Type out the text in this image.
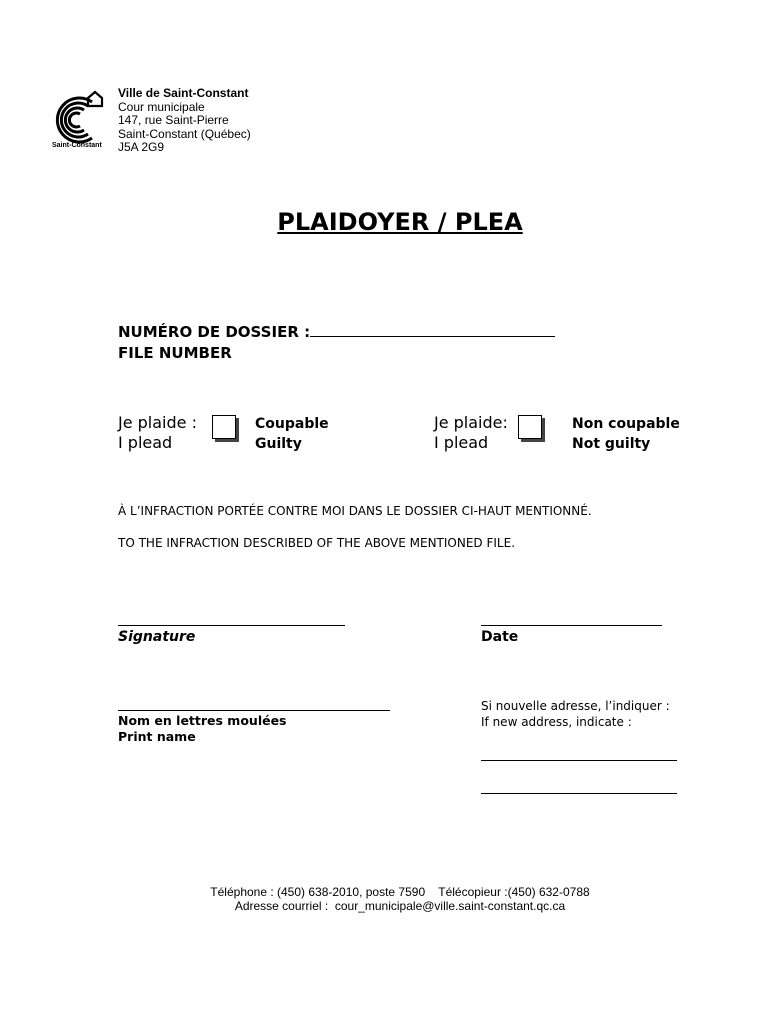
Saint-Constant
Ville de Saint-Constant
Cour municipale
147, rue Saint-Pierre
Saint-Constant (Québec)
J5A 2G9
PLAIDOYER / PLEA
NUMÉRO DE DOSSIER :
FILE NUMBER
Je plaide :
I plead
Coupable
Guilty
Je plaide:
I plead
Non coupable
Not guilty
À L’INFRACTION PORTÉE CONTRE MOI DANS LE DOSSIER CI-HAUT MENTIONNÉ.
TO THE INFRACTION DESCRIBED OF THE ABOVE MENTIONED FILE.
Signature	Date
Nom en lettres moulées
Print name
Si nouvelle adresse, l’indiquer :
If new address, indicate :
Téléphone : (450) 638-2010, poste 7590    Télécopieur :(450) 632-0788
Adresse courriel :  cour_municipale@ville.saint-constant.qc.ca
